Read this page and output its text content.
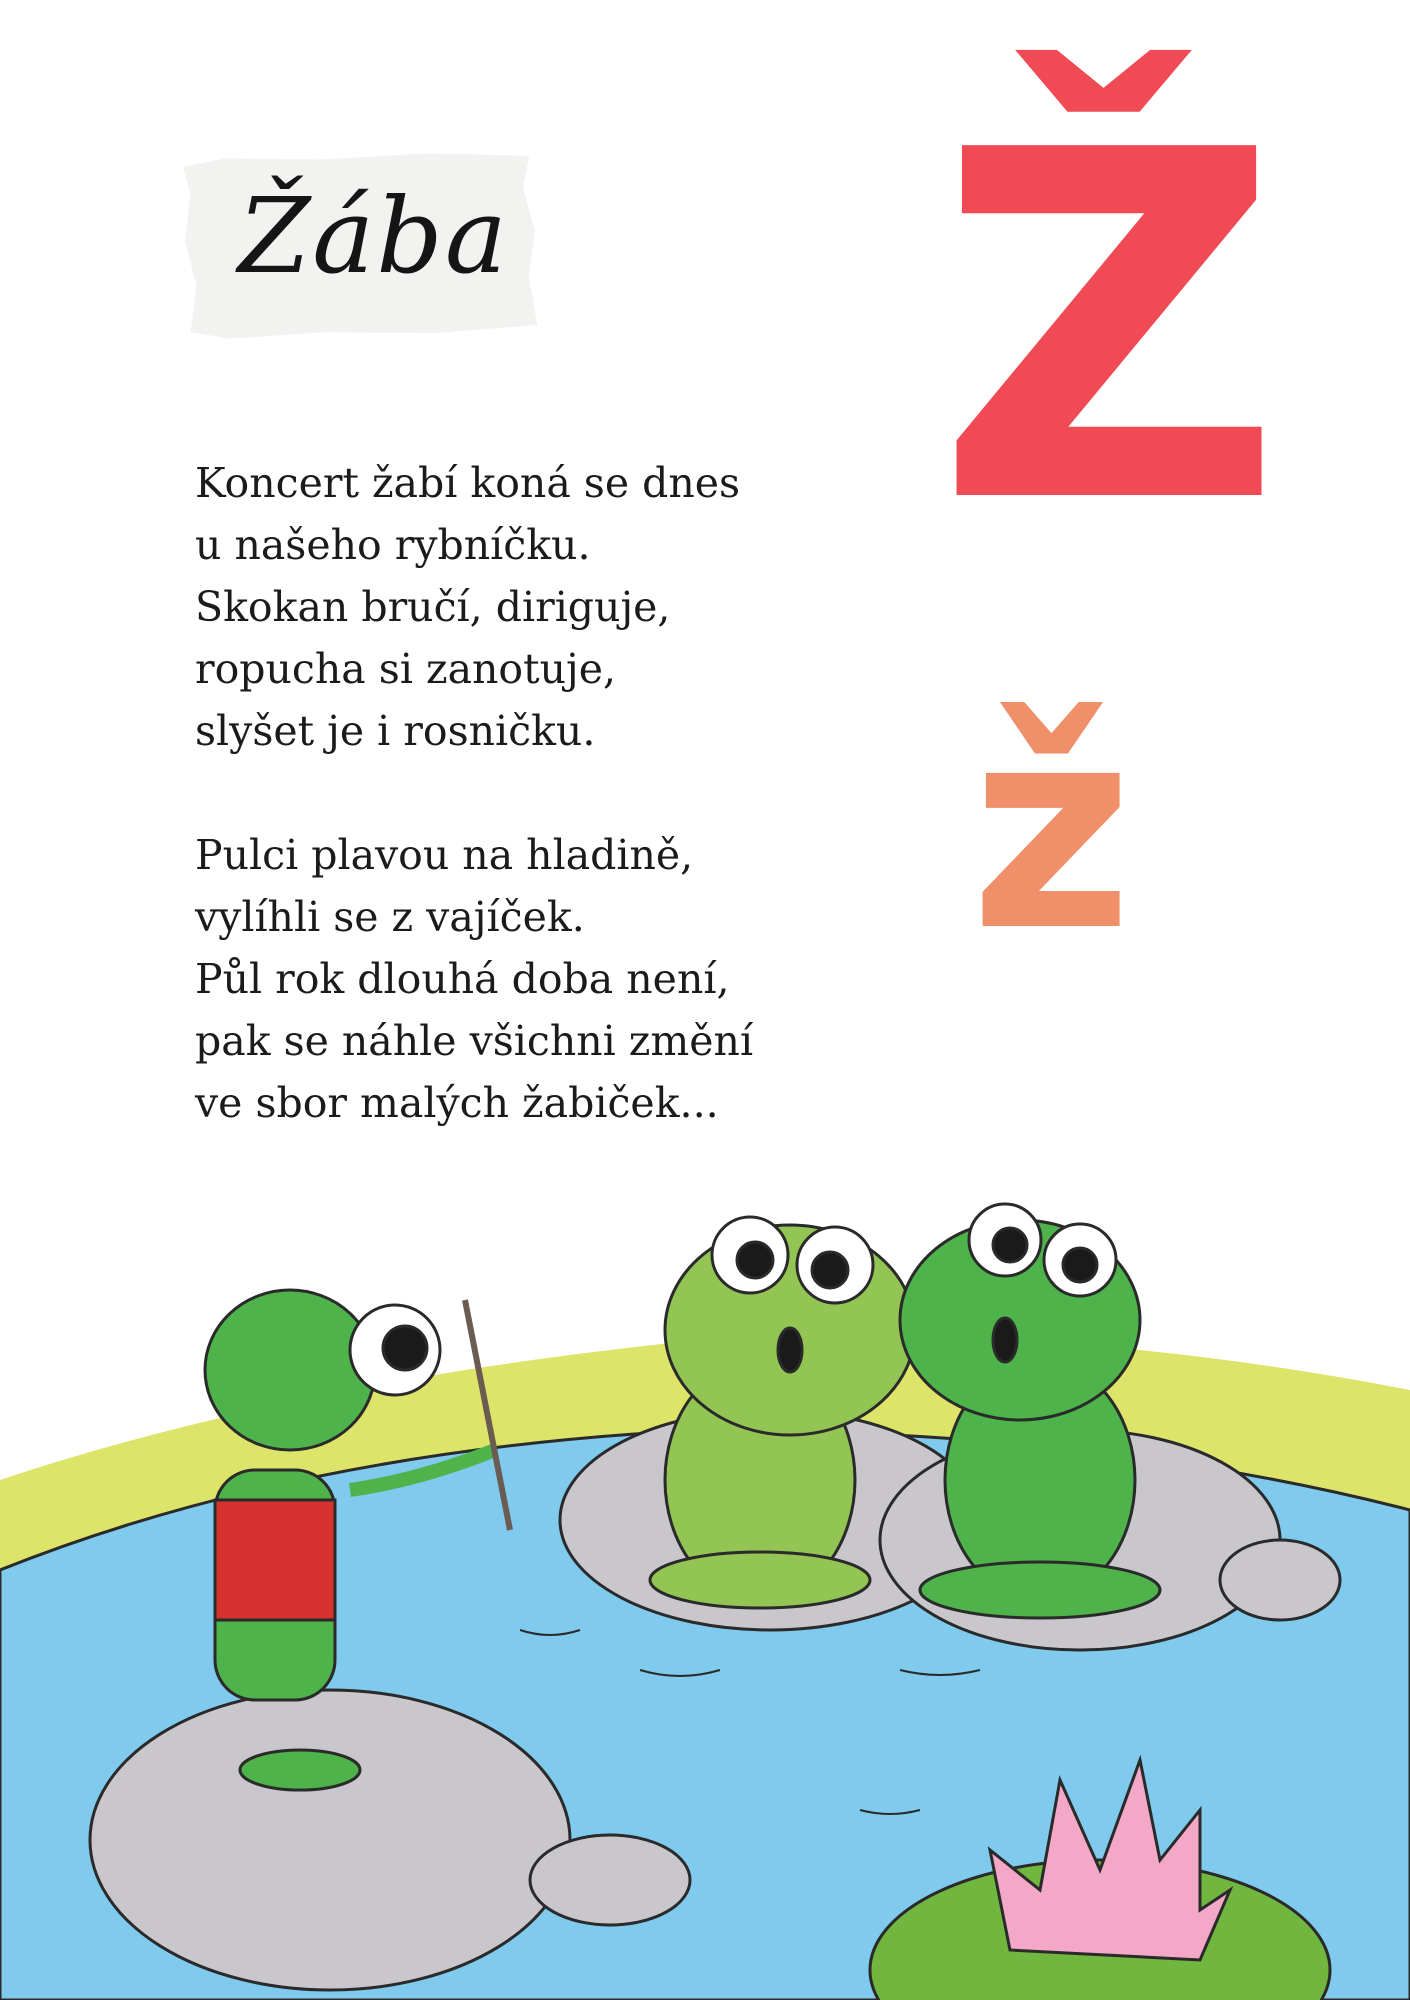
Žába Ž
ž
Koncert žabí koná se dnes
u našeho rybníčku.
Skokan bručí, diriguje,
ropucha si zanotuje,
slyšet je i rosničku.
Pulci plavou na hladině,
vylíhli se z vajíček.
Půl rok dlouhá doba není,
pak se náhle všichni změní
ve sbor malých žabiček...
